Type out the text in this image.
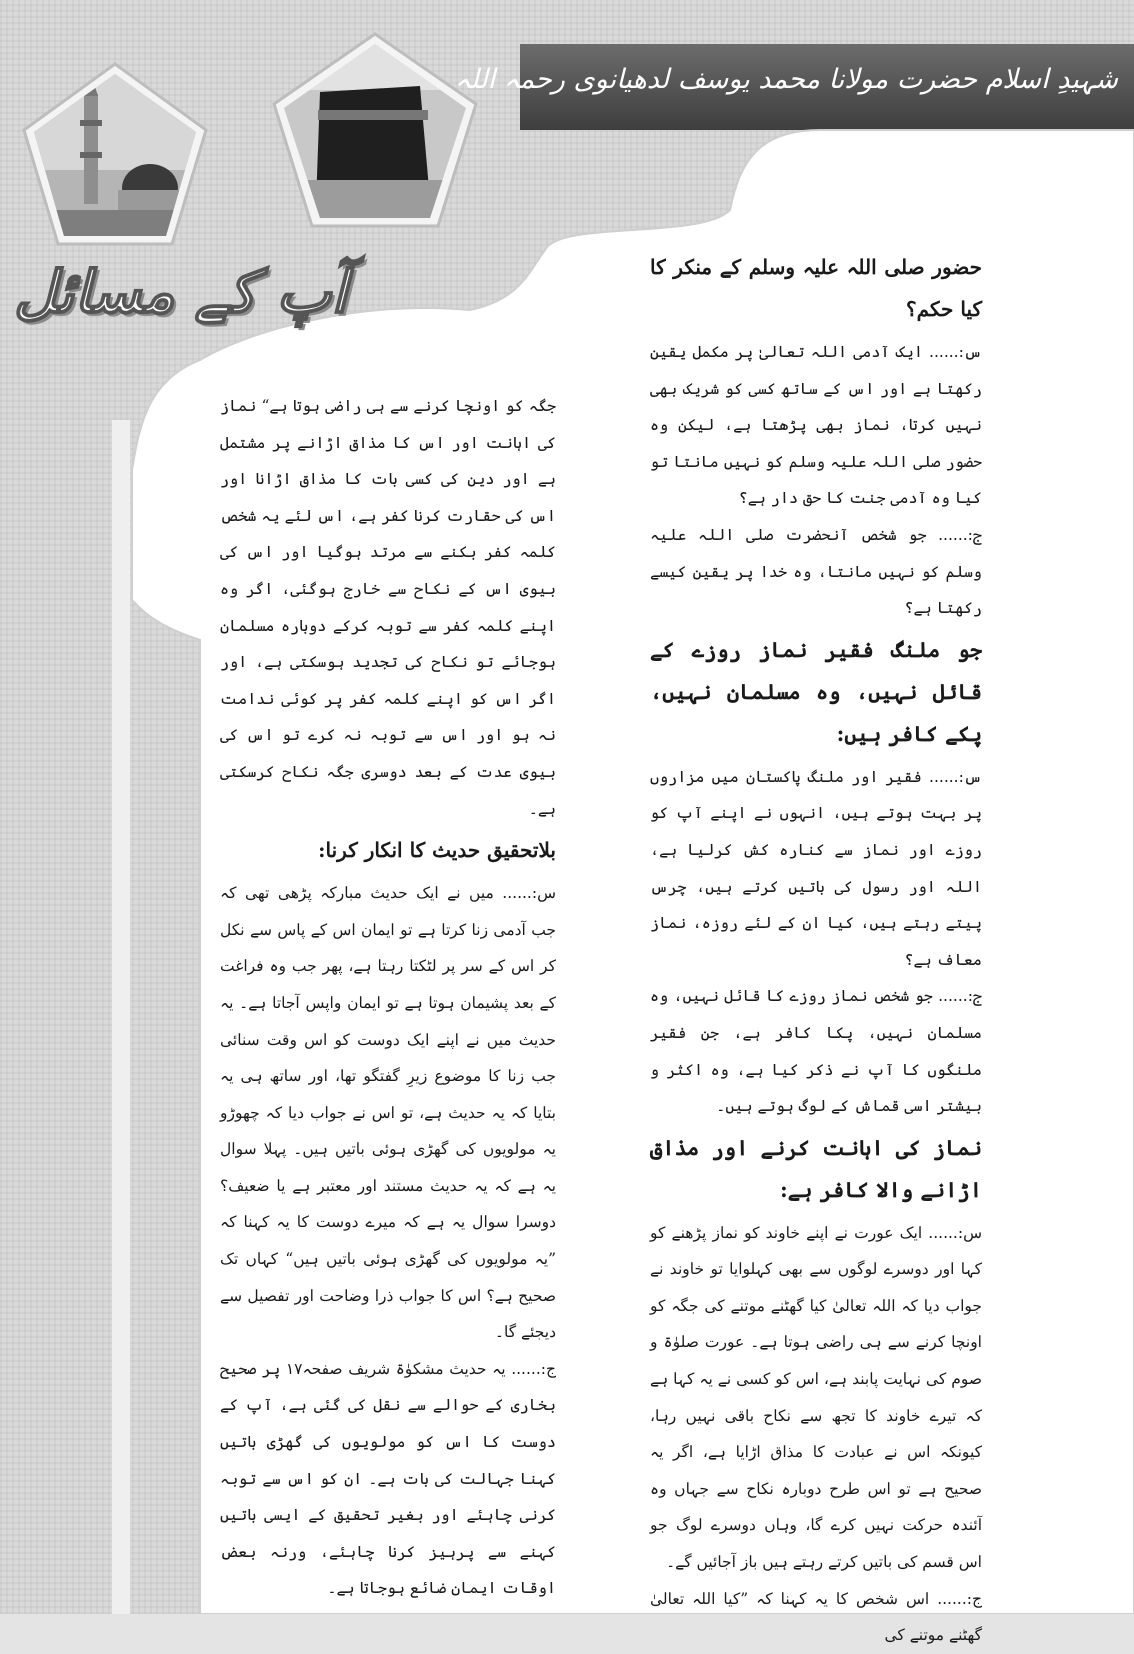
شہیدِ اسلام حضرت مولانا محمد یوسف لدھیانوی رحمہ اللہ
آپ کے مسائل	حضور صلی اللہ علیہ وسلم کے منکر کا کیا حکم؟

س:...... ایک آدمی اللہ تعالیٰ پر مکمل یقین رکھتا ہے اور اس کے ساتھ کسی کو شریک بھی نہیں کرتا، نماز بھی پڑھتا ہے، لیکن وہ حضور صلی اللہ علیہ وسلم کو نہیں مانتا تو کیا وہ آدمی جنت کا حق دار ہے؟

ج:...... جو شخص آنحضرت صلی اللہ علیہ وسلم کو نہیں مانتا، وہ خدا پر یقین کیسے رکھتا ہے؟

جو ملنگ فقیر نماز روزے کے قائل نہیں، وہ مسلمان نہیں، پکے کافر ہیں:

س:...... فقیر اور ملنگ پاکستان میں مزاروں پر بہت ہوتے ہیں، انہوں نے اپنے آپ کو روزے اور نماز سے کنارہ کش کرلیا ہے، اللہ اور رسول کی باتیں کرتے ہیں، چرس پیتے رہتے ہیں، کیا ان کے لئے روزہ، نماز معاف ہے؟

ج:...... جو شخص نماز روزے کا قائل نہیں، وہ مسلمان نہیں، پکا کافر ہے، جن فقیر ملنگوں کا آپ نے ذکر کیا ہے، وہ اکثر و بیشتر اسی قماش کے لوگ ہوتے ہیں۔

نماز کی اہانت کرنے اور مذاق اڑانے والا کافر ہے:

س:...... ایک عورت نے اپنے خاوند کو نماز پڑھنے کو کہا اور دوسرے لوگوں سے بھی کہلوایا تو خاوند نے جواب دیا کہ اللہ تعالیٰ کیا گھٹنے موتنے کی جگہ کو اونچا کرنے سے ہی راضی ہوتا ہے۔ عورت صلوٰۃ و صوم کی نہایت پابند ہے، اس کو کسی نے یہ کہا ہے کہ تیرے خاوند کا تجھ سے نکاح باقی نہیں رہا، کیونکہ اس نے عبادت کا مذاق اڑایا ہے، اگر یہ صحیح ہے تو اس طرح دوبارہ نکاح سے جہاں وہ آئندہ حرکت نہیں کرے گا، وہاں دوسرے لوگ جو اس قسم کی باتیں کرتے رہتے ہیں باز آجائیں گے۔

ج:...... اس شخص کا یہ کہنا کہ ”کیا اللہ تعالیٰ گھٹنے موتنے کی

جگہ کو اونچا کرنے سے ہی راضی ہوتا ہے“ نماز کی اہانت اور اس کا مذاق اڑانے پر مشتمل ہے اور دین کی کسی بات کا مذاق اڑانا اور اس کی حقارت کرنا کفر ہے، اس لئے یہ شخص کلمہ کفر بکنے سے مرتد ہوگیا اور اس کی بیوی اس کے نکاح سے خارج ہوگئی، اگر وہ اپنے کلمہ کفر سے توبہ کرکے دوبارہ مسلمان ہوجائے تو نکاح کی تجدید ہوسکتی ہے، اور اگر اس کو اپنے کلمہ کفر پر کوئی ندامت نہ ہو اور اس سے توبہ نہ کرے تو اس کی بیوی عدت کے بعد دوسری جگہ نکاح کرسکتی ہے۔

بلاتحقیق حدیث کا انکار کرنا:

س:...... میں نے ایک حدیث مبارکہ پڑھی تھی کہ جب آدمی زنا کرتا ہے تو ایمان اس کے پاس سے نکل کر اس کے سر پر لٹکتا رہتا ہے، پھر جب وہ فراغت کے بعد پشیمان ہوتا ہے تو ایمان واپس آجاتا ہے۔ یہ حدیث میں نے اپنے ایک دوست کو اس وقت سنائی جب زنا کا موضوع زیرِ گفتگو تھا، اور ساتھ ہی یہ بتایا کہ یہ حدیث ہے، تو اس نے جواب دیا کہ چھوڑو یہ مولویوں کی گھڑی ہوئی باتیں ہیں۔ پہلا سوال یہ ہے کہ یہ حدیث مستند اور معتبر ہے یا ضعیف؟ دوسرا سوال یہ ہے کہ میرے دوست کا یہ کہنا کہ ”یہ مولویوں کی گھڑی ہوئی باتیں ہیں“ کہاں تک صحیح ہے؟ اس کا جواب ذرا وضاحت اور تفصیل سے دیجئے گا۔

ج:...... یہ حدیث مشکوٰۃ شریف صفحہ۱۷ پر صحیح بخاری کے حوالے سے نقل کی گئی ہے، آپ کے دوست کا اس کو مولویوں کی گھڑی باتیں کہنا جہالت کی بات ہے۔ ان کو اس سے توبہ کرنی چاہئے اور بغیر تحقیق کے ایسی باتیں کہنے سے پرہیز کرنا چاہئے، ورنہ بعض اوقات ایمان ضائع ہوجاتا ہے۔
